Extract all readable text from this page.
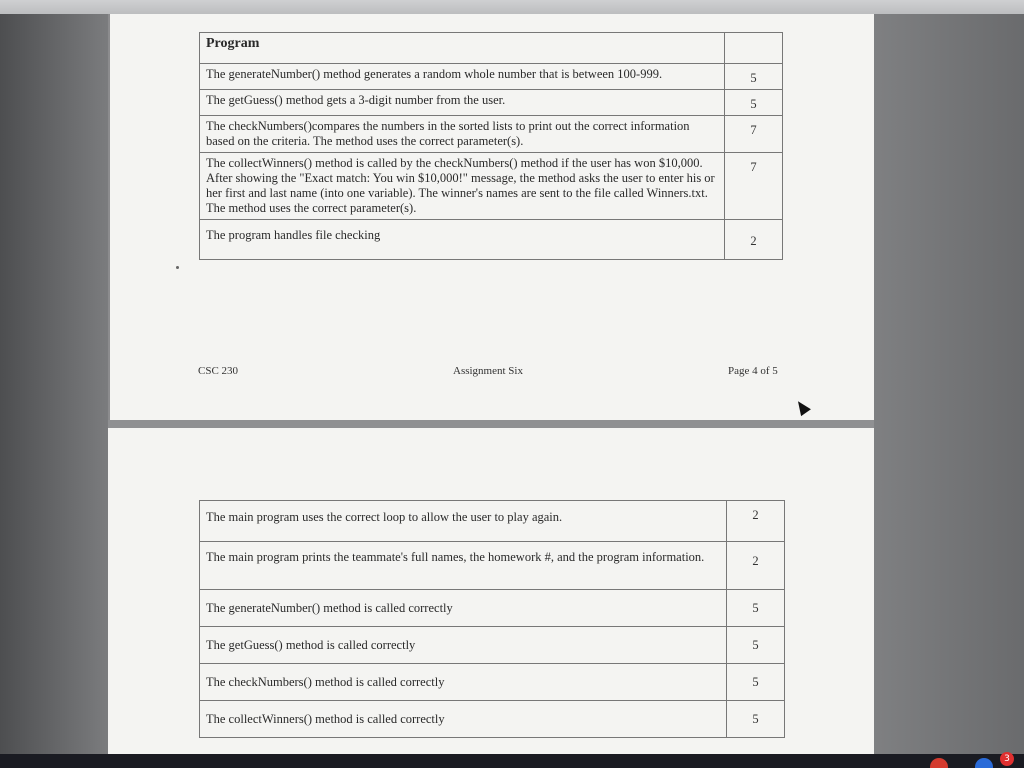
Program	
The generateNumber() method generates a random whole number that is between 100-999.	5
The getGuess() method gets a 3-digit number from the user.	5
The checkNumbers()compares the numbers in the sorted lists to print out the correct information based on the criteria. The method uses the correct parameter(s).	7
The collectWinners() method is called by the checkNumbers() method if the user has won $10,000. After showing the "Exact match: You win $10,000!" message, the method asks the user to enter his or her first and last name (into one variable). The winner's names are sent to the file called Winners.txt. The method uses the correct parameter(s).	7
The program handles file checking	2
CSC 230	Assignment Six	Page 4 of 5
The main program uses the correct loop to allow the user to play again.	2
The main program prints the teammate's full names, the homework #, and the program information.	2
The generateNumber() method is called correctly	5
The getGuess() method is called correctly	5
The checkNumbers() method is called correctly	5
The collectWinners() method is called correctly	5
3
